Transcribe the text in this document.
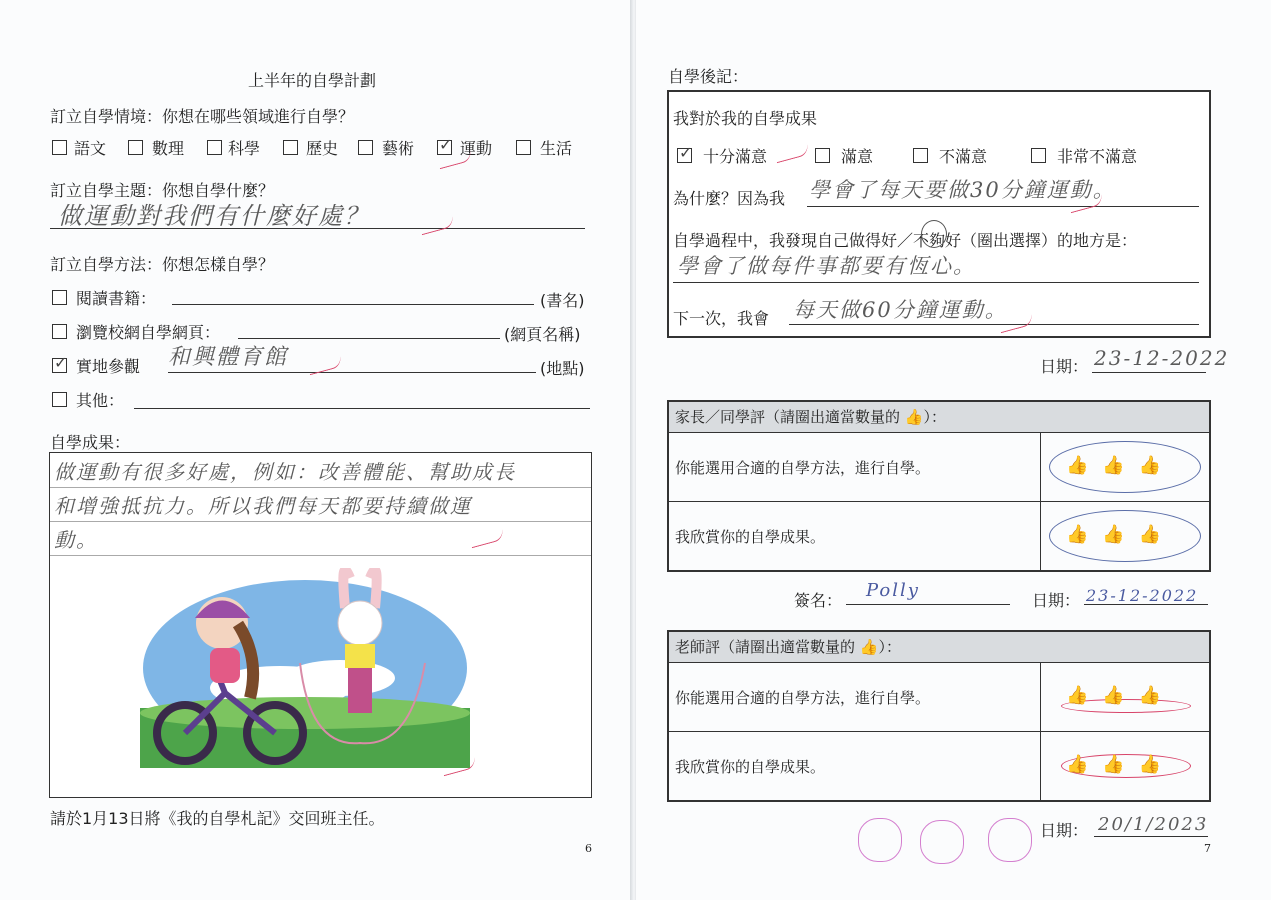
上半年的自學計劃
訂立自學情境：你想在哪些領域進行自學？
語文	數理	科學	歷史	藝術 ✓ 運動	生活
訂立自學主題：你想自學什麼？
做運動對我們有什麼好處？
訂立自學方法：你想怎樣自學？
閱讀書籍：	(書名)
瀏覽校網自學網頁：	(網頁名稱)
✓ 實地參觀 和興體育館	(地點)
其他：
自學成果：
做運動有很多好處，例如：改善體能、幫助成長
和增強抵抗力。所以我們每天都要持續做運
動。
請於1月13日將《我的自學札記》交回班主任。
6
自學後記：
我對於我的自學成果
✓ 十分滿意	滿意	不滿意	非常不滿意
為什麼？因為我 學會了每天要做30分鐘運動。
自學過程中，我發現自己做得好／不夠好（圈出選擇）的地方是：
學會了做每件事都要有恆心。
下一次，我會 每天做60分鐘運動。
日期： 23-12-2022
家長／同學評（請圈出適當數量的 👍）：
你能選用合適的自學方法，進行自學。	👍👍👍
我欣賞你的自學成果。	👍👍👍
簽名： Polly	日期： 23-12-2022
老師評（請圈出適當數量的 👍）：
你能選用合適的自學方法，進行自學。	👍👍👍
我欣賞你的自學成果。	👍👍👍
日期： 20/1/2023
7
